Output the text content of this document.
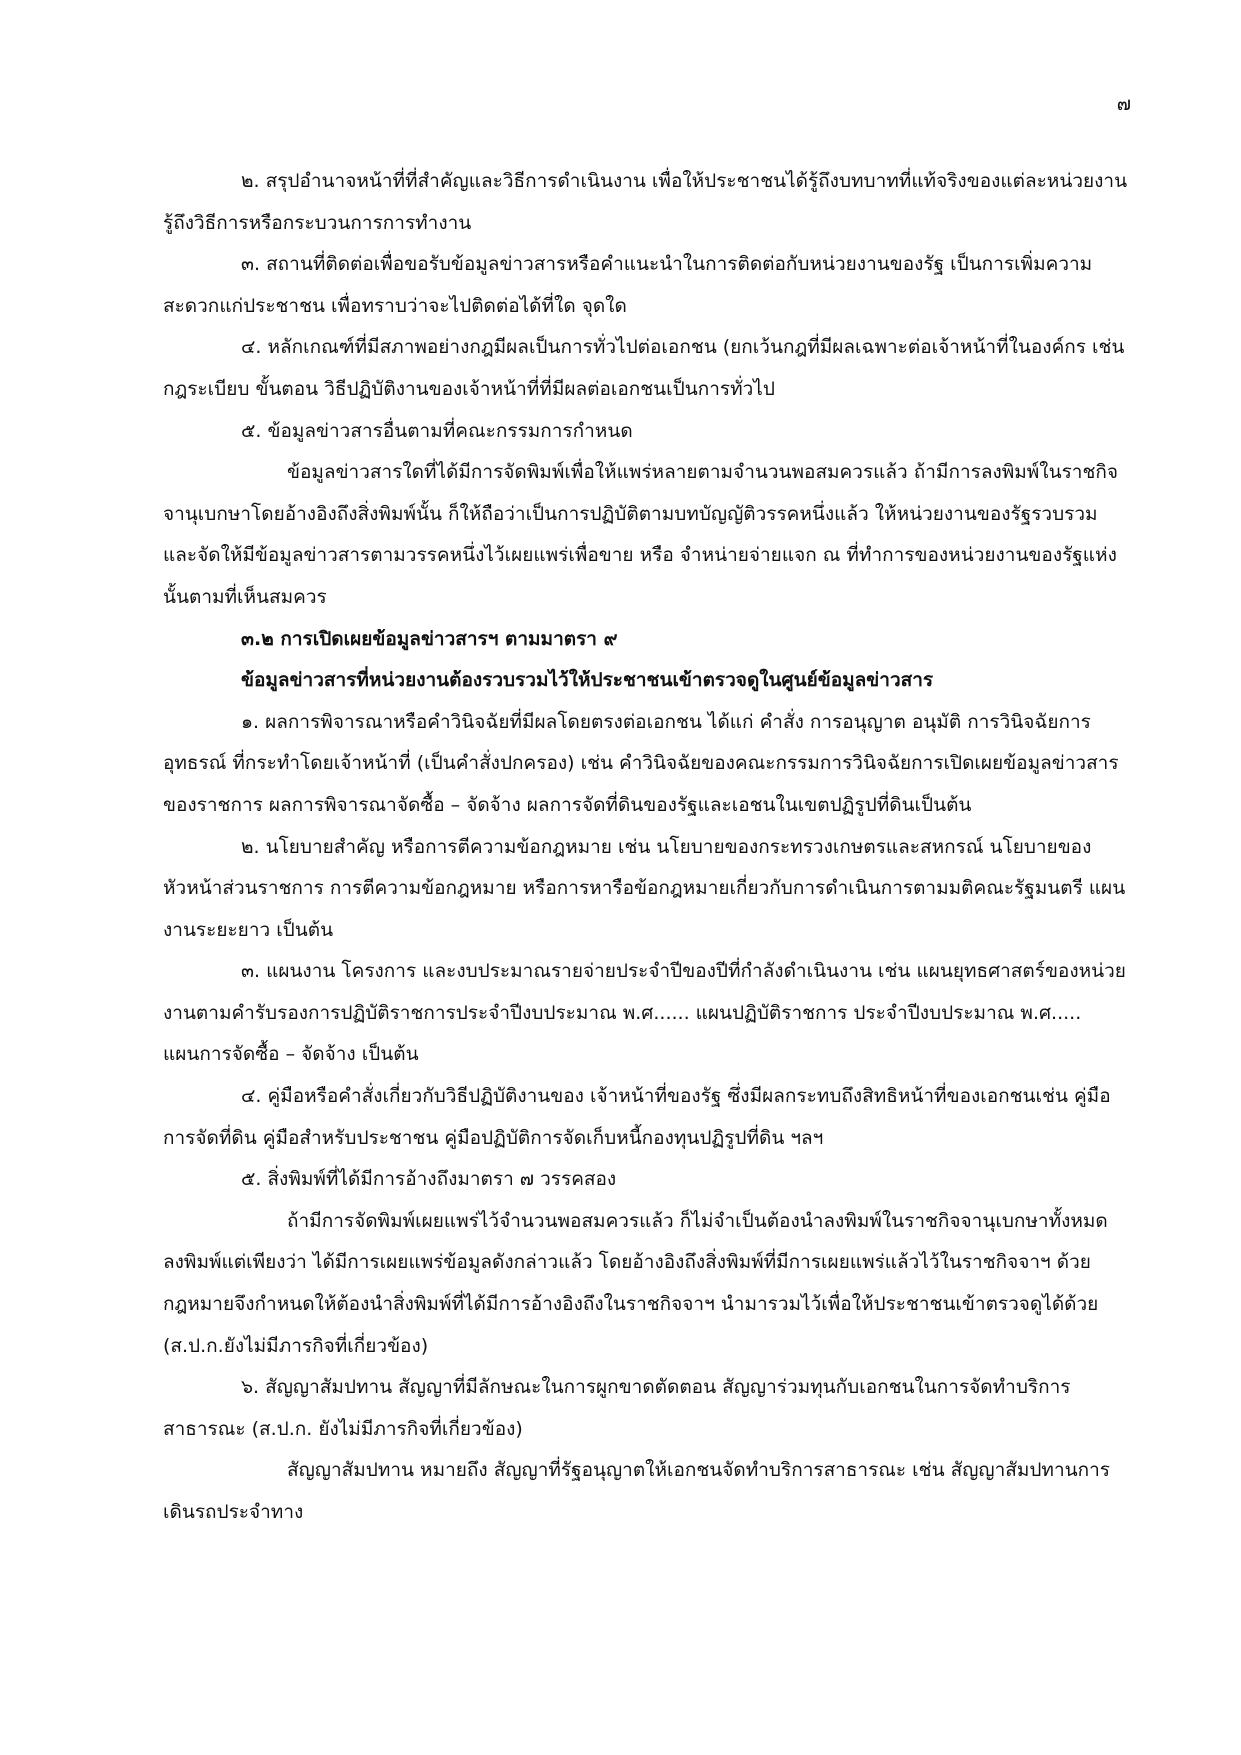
๗

๒. สรุปอำนาจหน้าที่ที่สำคัญและวิธีการดำเนินงาน เพื่อให้ประชาชนได้รู้ถึงบทบาทที่แท้จริงของแต่ละหน่วยงาน รู้ถึงวิธีการหรือกระบวนการการทำงาน

๓. สถานที่ติดต่อเพื่อขอรับข้อมูลข่าวสารหรือคำแนะนำในการติดต่อกับหน่วยงานของรัฐ เป็นการเพิ่มความสะดวกแก่ประชาชน เพื่อทราบว่าจะไปติดต่อได้ที่ใด จุดใด

๔. หลักเกณฑ์ที่มีสภาพอย่างกฎมีผลเป็นการทั่วไปต่อเอกชน (ยกเว้นกฎที่มีผลเฉพาะต่อเจ้าหน้าที่ในองค์กร เช่น กฎระเบียบ ขั้นตอน วิธีปฏิบัติงานของเจ้าหน้าที่ที่มีผลต่อเอกชนเป็นการทั่วไป

๕. ข้อมูลข่าวสารอื่นตามที่คณะกรรมการกำหนด

ข้อมูลข่าวสารใดที่ได้มีการจัดพิมพ์เพื่อให้แพร่หลายตามจำนวนพอสมควรแล้ว ถ้ามีการลงพิมพ์ในราชกิจจานุเบกษาโดยอ้างอิงถึงสิ่งพิมพ์นั้น ก็ให้ถือว่าเป็นการปฏิบัติตามบทบัญญัติวรรคหนึ่งแล้ว ให้หน่วยงานของรัฐรวบรวม และจัดให้มีข้อมูลข่าวสารตามวรรคหนึ่งไว้เผยแพร่เพื่อขาย หรือ จำหน่ายจ่ายแจก ณ ที่ทำการของหน่วยงานของรัฐแห่งนั้นตามที่เห็นสมควร

๓.๒ การเปิดเผยข้อมูลข่าวสารฯ ตามมาตรา ๙

ข้อมูลข่าวสารที่หน่วยงานต้องรวบรวมไว้ให้ประชาชนเข้าตรวจดูในศูนย์ข้อมูลข่าวสาร

๑. ผลการพิจารณาหรือคำวินิจฉัยที่มีผลโดยตรงต่อเอกชน ได้แก่ คำสั่ง การอนุญาต อนุมัติ การวินิจฉัยการอุทธรณ์ ที่กระทำโดยเจ้าหน้าที่ (เป็นคำสั่งปกครอง) เช่น คำวินิจฉัยของคณะกรรมการวินิจฉัยการเปิดเผยข้อมูลข่าวสารของราชการ ผลการพิจารณาจัดซื้อ – จัดจ้าง ผลการจัดที่ดินของรัฐและเอชนในเขตปฏิรูปที่ดินเป็นต้น

๒. นโยบายสำคัญ หรือการตีความข้อกฎหมาย เช่น นโยบายของกระทรวงเกษตรและสหกรณ์ นโยบายของหัวหน้าส่วนราชการ การตีความข้อกฎหมาย หรือการหารือข้อกฎหมายเกี่ยวกับการดำเนินการตามมติคณะรัฐมนตรี แผนงานระยะยาว เป็นต้น

๓. แผนงาน โครงการ และงบประมาณรายจ่ายประจำปีของปีที่กำลังดำเนินงาน เช่น แผนยุทธศาสตร์ของหน่วยงานตามคำรับรองการปฏิบัติราชการประจำปีงบประมาณ พ.ศ...... แผนปฏิบัติราชการ ประจำปีงบประมาณ พ.ศ..... แผนการจัดซื้อ – จัดจ้าง เป็นต้น

๔. คู่มือหรือคำสั่งเกี่ยวกับวิธีปฏิบัติงานของ เจ้าหน้าที่ของรัฐ ซึ่งมีผลกระทบถึงสิทธิหน้าที่ของเอกชนเช่น คู่มือการจัดที่ดิน คู่มือสำหรับประชาชน คู่มือปฏิบัติการจัดเก็บหนี้กองทุนปฏิรูปที่ดิน ฯลฯ

๕. สิ่งพิมพ์ที่ได้มีการอ้างถึงมาตรา ๗ วรรคสอง

ถ้ามีการจัดพิมพ์เผยแพร่ไว้จำนวนพอสมควรแล้ว ก็ไม่จำเป็นต้องนำลงพิมพ์ในราชกิจจานุเบกษาทั้งหมด ลงพิมพ์แต่เพียงว่า ได้มีการเผยแพร่ข้อมูลดังกล่าวแล้ว โดยอ้างอิงถึงสิ่งพิมพ์ที่มีการเผยแพร่แล้วไว้ในราชกิจจาฯ ด้วยกฎหมายจึงกำหนดให้ต้องนำสิ่งพิมพ์ที่ได้มีการอ้างอิงถึงในราชกิจจาฯ นำมารวมไว้เพื่อให้ประชาชนเข้าตรวจดูได้ด้วย (ส.ป.ก.ยังไม่มีภารกิจที่เกี่ยวข้อง)

๖. สัญญาสัมปทาน สัญญาที่มีลักษณะในการผูกขาดตัดตอน สัญญาร่วมทุนกับเอกชนในการจัดทำบริการสาธารณะ (ส.ป.ก. ยังไม่มีภารกิจที่เกี่ยวข้อง)

สัญญาสัมปทาน หมายถึง สัญญาที่รัฐอนุญาตให้เอกชนจัดทำบริการสาธารณะ เช่น สัญญาสัมปทานการเดินรถประจำทาง
